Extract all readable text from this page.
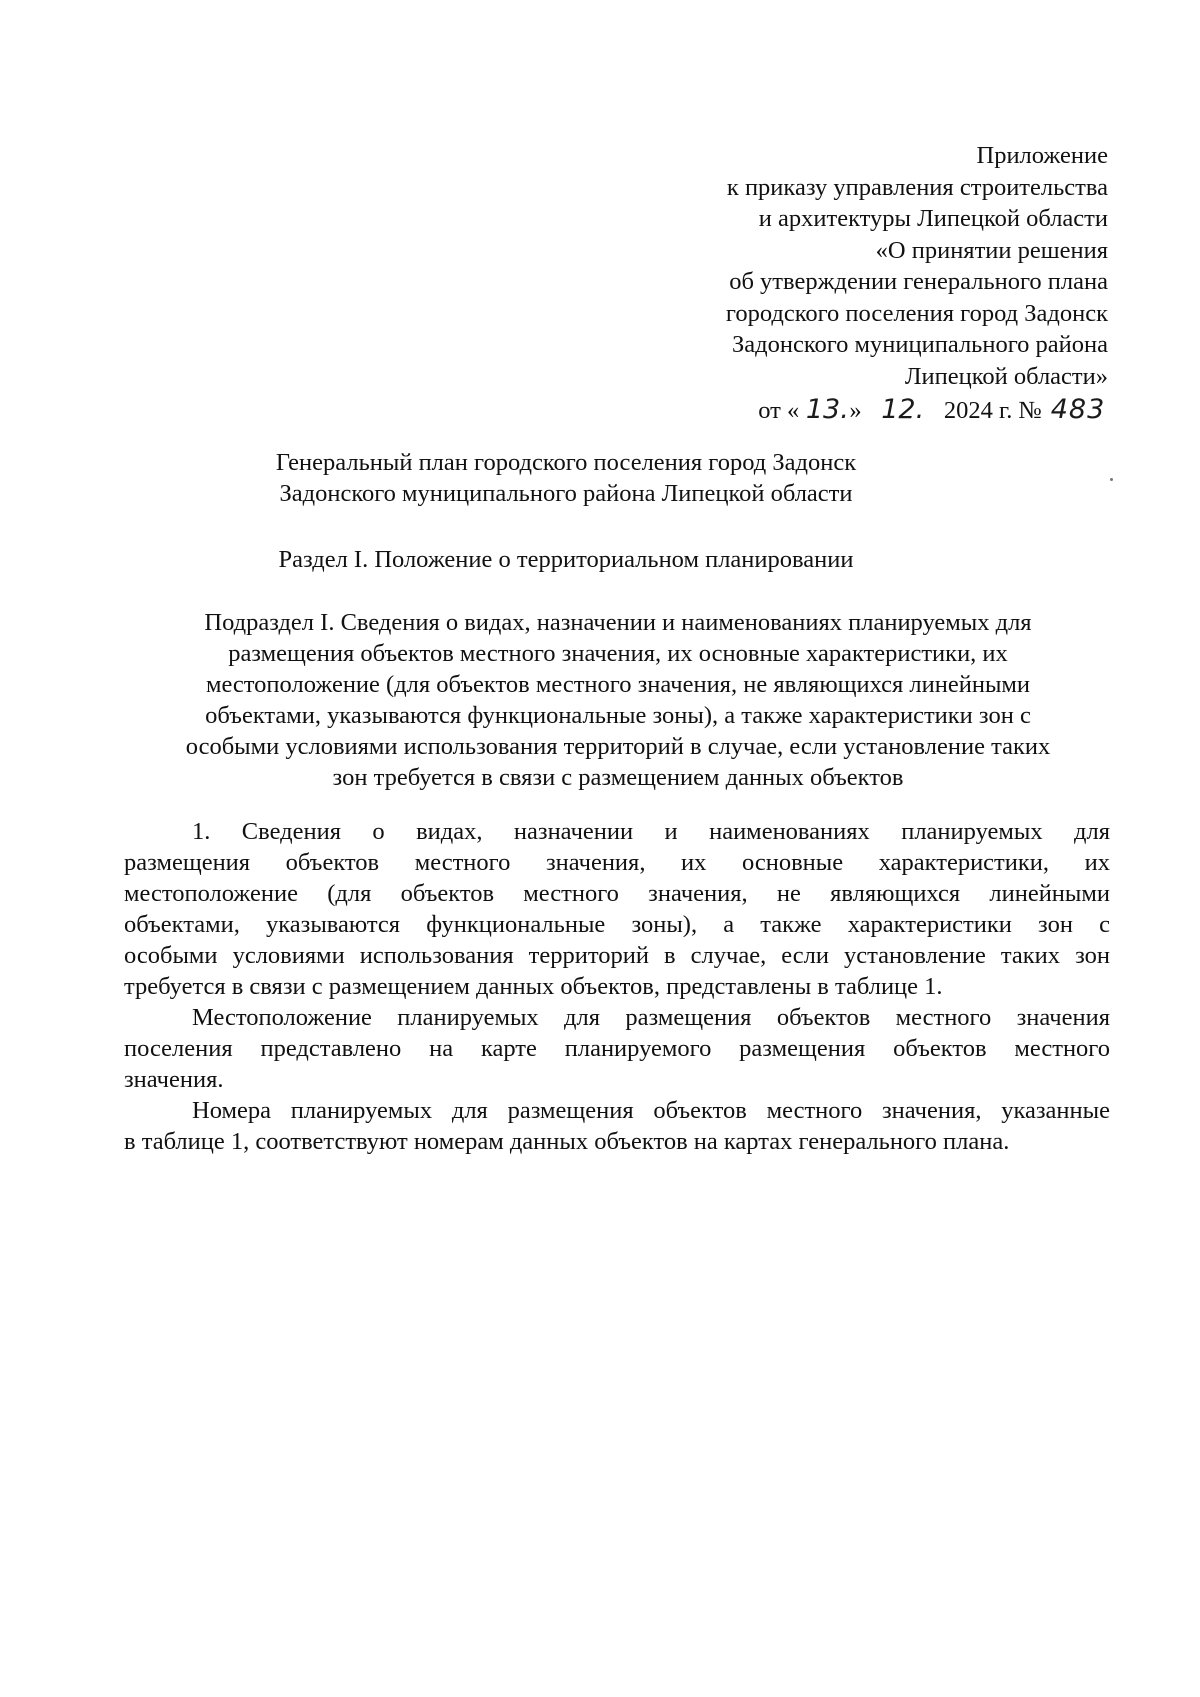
Приложение
к приказу управления строительства
и архитектуры Липецкой области
«О принятии решения
об утверждении генерального плана
городского поселения город Задонск
Задонского муниципального района
Липецкой области»
от « 13.» 12. 2024 г. № 483
Генеральный план городского поселения город Задонск
Задонского муниципального района Липецкой области
Раздел I. Положение о территориальном планировании
Подраздел I. Сведения о видах, назначении и наименованиях планируемых для
размещения объектов местного значения, их основные характеристики, их
местоположение (для объектов местного значения, не являющихся линейными
объектами, указываются функциональные зоны), а также характеристики зон с
особыми условиями использования территорий в случае, если установление таких
зон требуется в связи с размещением данных объектов

1. Сведения о видах, назначении и наименованиях планируемых для
размещения объектов местного значения, их основные характеристики, их
местоположение (для объектов местного значения, не являющихся линейными
объектами, указываются функциональные зоны), а также характеристики зон с
особыми условиями использования территорий в случае, если установление таких зон
требуется в связи с размещением данных объектов, представлены в таблице 1.

Местоположение планируемых для размещения объектов местного значения
поселения представлено на карте планируемого размещения объектов местного
значения.

Номера планируемых для размещения объектов местного значения, указанные
в таблице 1, соответствуют номерам данных объектов на картах генерального плана.
